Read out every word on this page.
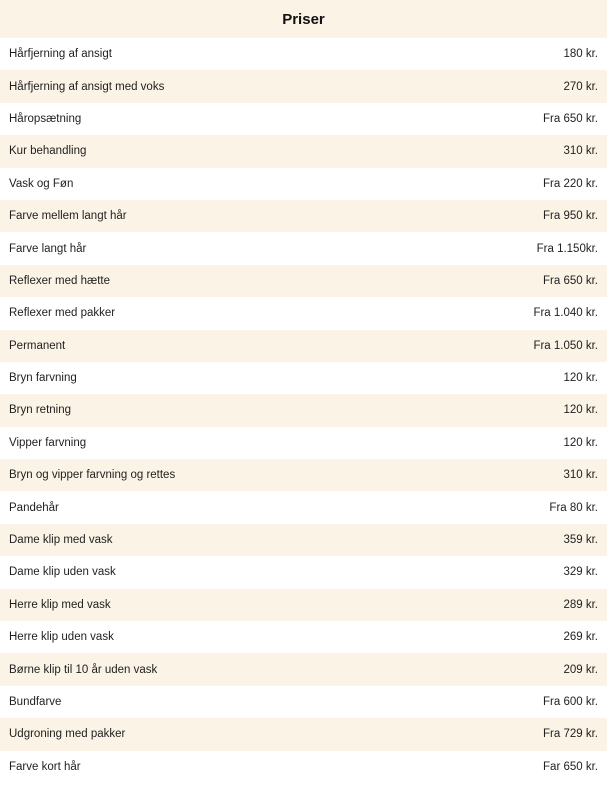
Priser	
Hårfjerning af ansigt	180 kr.
Hårfjerning af ansigt med voks	270 kr.
Håropsætning	Fra 650 kr.
Kur behandling	310 kr.
Vask og Føn	Fra 220 kr.
Farve mellem langt hår	Fra 950 kr.
Farve langt hår	Fra 1.150kr.
Reflexer med hætte	Fra 650 kr.
Reflexer med pakker	Fra 1.040 kr.
Permanent	Fra 1.050 kr.
Bryn farvning	120 kr.
Bryn retning	120 kr.
Vipper farvning	120 kr.
Bryn og vipper farvning og rettes	310 kr.
Pandehår	Fra 80 kr.
Dame klip med vask	359 kr.
Dame klip uden vask	329 kr.
Herre klip med vask	289 kr.
Herre klip uden vask	269 kr.
Børne klip til 10 år uden vask	209 kr.
Bundfarve	Fra 600 kr.
Udgroning med pakker	Fra 729 kr.
Farve kort hår	Far 650 kr.
